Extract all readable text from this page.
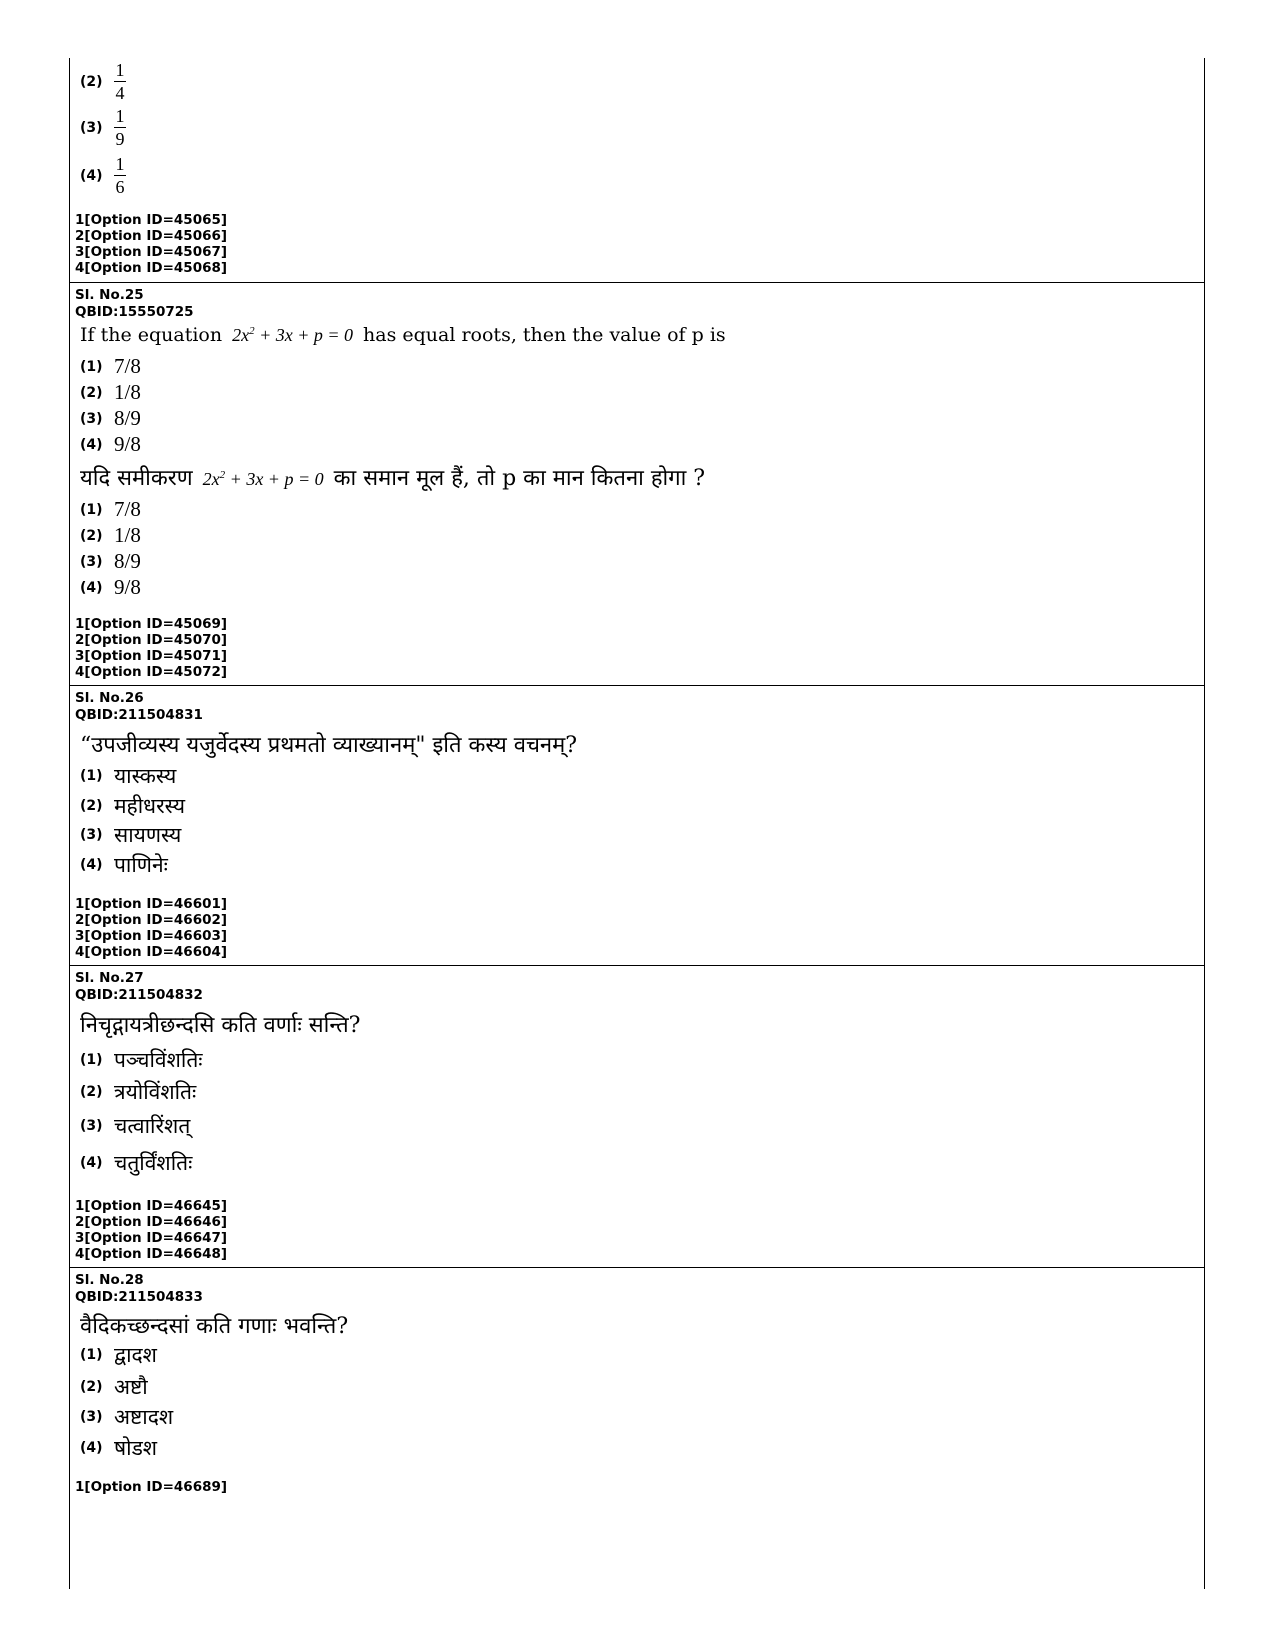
$(2) \frac{1}{4}$
$(3) \frac{1}{9}$
$(4) \frac{1}{6}$
1[Option ID=45065]
2[Option ID=45066]
3[Option ID=45067]
4[Option ID=45068]
Sl. No.25
QBID:15550725
If the equation $2x^2 + 3x + p = 0$ has equal roots, then the value of p is
(1) 7/8
(2) 1/8
(3) 8/9
(4) 9/8
यदि समीकरण $2x^2 + 3x + p = 0$ का समान मूल हैं, तो p का मान कितना होगा ?
(1) 7/8
(2) 1/8
(3) 8/9
(4) 9/8
1[Option ID=45069]
2[Option ID=45070]
3[Option ID=45071]
4[Option ID=45072]
Sl. No.26
QBID:211504831
“उपजीव्यस्य यजुर्वेदस्य प्रथमतो व्याख्यानम्" इति कस्य वचनम्?
(1) यास्कस्य
(2) महीधरस्य
(3) सायणस्य
(4) पाणिनेः
1[Option ID=46601]
2[Option ID=46602]
3[Option ID=46603]
4[Option ID=46604]
Sl. No.27
QBID:211504832
निचृद्गायत्रीछन्दसि कति वर्णाः सन्ति?
(1) पञ्चविंशतिः
(2) त्रयोविंशतिः
(3) चत्वारिंशत्
(4) चतुर्विंशतिः
1[Option ID=46645]
2[Option ID=46646]
3[Option ID=46647]
4[Option ID=46648]
Sl. No.28
QBID:211504833
वैदिकच्छन्दसां कति गणाः भवन्ति?
(1) द्वादश
(2) अष्टौ
(3) अष्टादश
(4) षोडश
1[Option ID=46689]
